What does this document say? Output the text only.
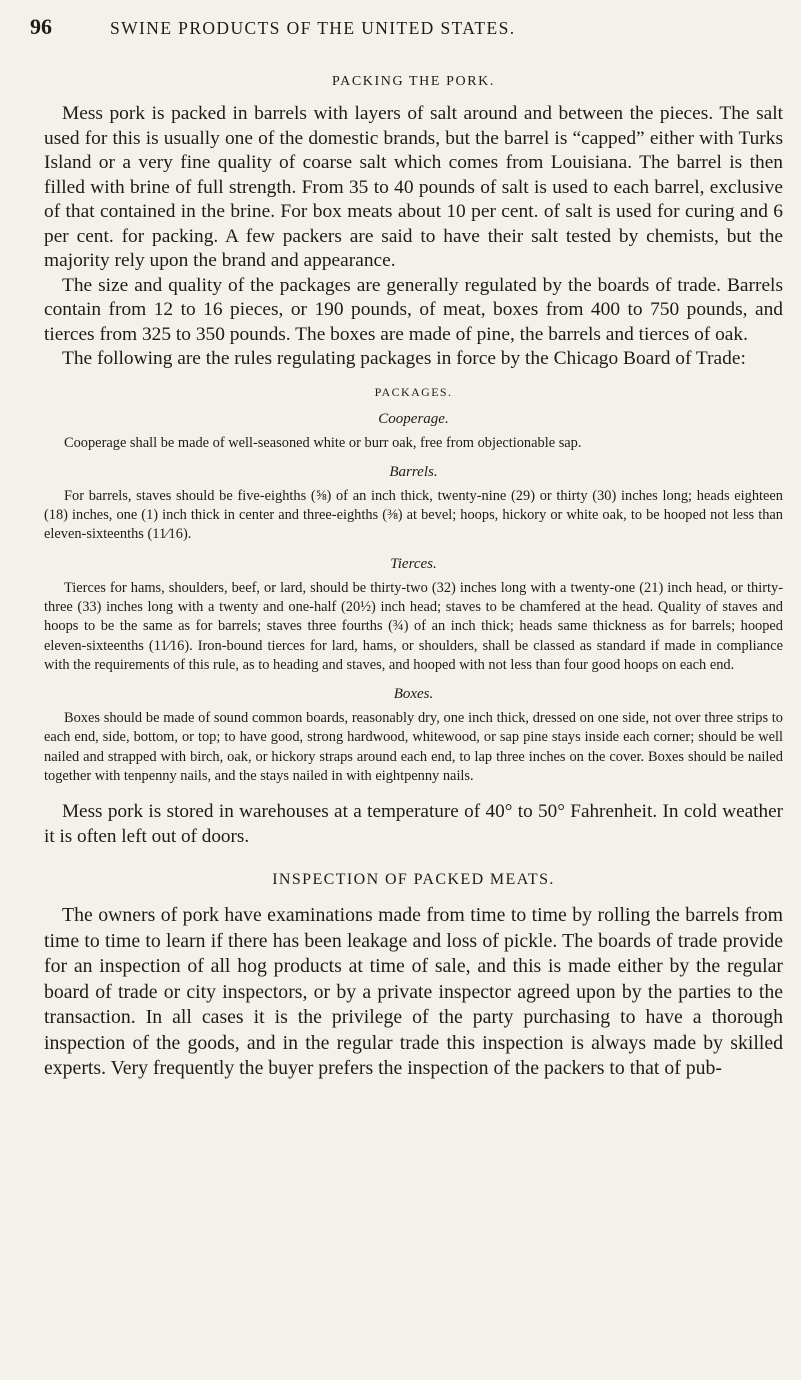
96	SWINE PRODUCTS OF THE UNITED STATES.
PACKING THE PORK.

Mess pork is packed in barrels with layers of salt around and between the pieces. The salt used for this is usually one of the domestic brands, but the barrel is “capped” either with Turks Island or a very fine quality of coarse salt which comes from Louisiana. The barrel is then filled with brine of full strength. From 35 to 40 pounds of salt is used to each barrel, exclusive of that contained in the brine. For box meats about 10 per cent. of salt is used for curing and 6 per cent. for packing. A few packers are said to have their salt tested by chemists, but the majority rely upon the brand and appearance.

The size and quality of the packages are generally regulated by the boards of trade. Barrels contain from 12 to 16 pieces, or 190 pounds, of meat, boxes from 400 to 750 pounds, and tierces from 325 to 350 pounds. The boxes are made of pine, the barrels and tierces of oak.

The following are the rules regulating packages in force by the Chicago Board of Trade:

PACKAGES.
Cooperage.

Cooperage shall be made of well-seasoned white or burr oak, free from objectionable sap.

Barrels.

For barrels, staves should be five-eighths (⅝) of an inch thick, twenty-nine (29) or thirty (30) inches long; heads eighteen (18) inches, one (1) inch thick in center and three-eighths (⅜) at bevel; hoops, hickory or white oak, to be hooped not less than eleven-sixteenths (11⁄16).

Tierces.

Tierces for hams, shoulders, beef, or lard, should be thirty-two (32) inches long with a twenty-one (21) inch head, or thirty-three (33) inches long with a twenty and one-half (20½) inch head; staves to be chamfered at the head. Quality of staves and hoops to be the same as for barrels; staves three fourths (¾) of an inch thick; heads same thickness as for barrels; hooped eleven-sixteenths (11⁄16). Iron-bound tierces for lard, hams, or shoulders, shall be classed as standard if made in compliance with the requirements of this rule, as to heading and staves, and hooped with not less than four good hoops on each end.

Boxes.

Boxes should be made of sound common boards, reasonably dry, one inch thick, dressed on one side, not over three strips to each end, side, bottom, or top; to have good, strong hardwood, whitewood, or sap pine stays inside each corner; should be well nailed and strapped with birch, oak, or hickory straps around each end, to lap three inches on the cover. Boxes should be nailed together with tenpenny nails, and the stays nailed in with eightpenny nails.

Mess pork is stored in warehouses at a temperature of 40° to 50° Fahrenheit. In cold weather it is often left out of doors.

INSPECTION OF PACKED MEATS.

The owners of pork have examinations made from time to time by rolling the barrels from time to time to learn if there has been leakage and loss of pickle. The boards of trade provide for an inspection of all hog products at time of sale, and this is made either by the regular board of trade or city inspectors, or by a private inspector agreed upon by the parties to the transaction. In all cases it is the privilege of the party purchasing to have a thorough inspection of the goods, and in the regular trade this inspection is always made by skilled experts. Very frequently the buyer prefers the inspection of the packers to that of pub-
